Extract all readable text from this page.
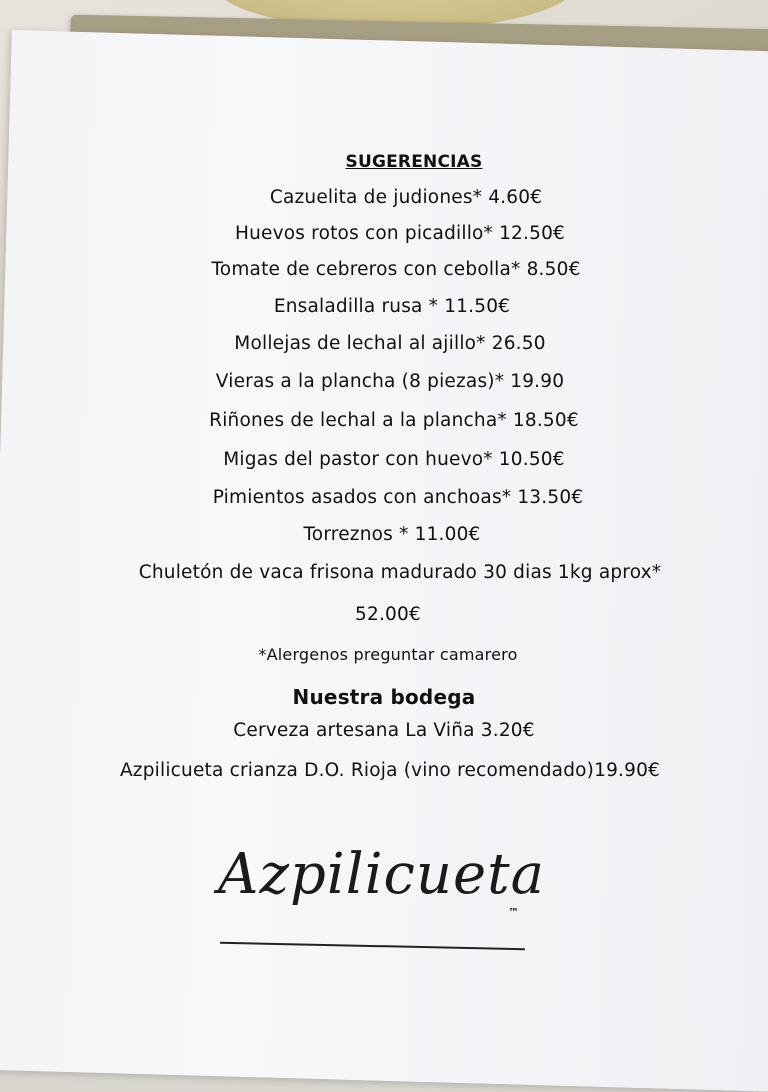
SUGERENCIAS
Cazuelita de judiones* 4.60€
Huevos rotos con picadillo* 12.50€
Tomate de cebreros con cebolla* 8.50€
Ensaladilla rusa * 11.50€
Mollejas de lechal al ajillo* 26.50
Vieras a la plancha (8 piezas)* 19.90
Riñones de lechal a la plancha* 18.50€
Migas del pastor con huevo* 10.50€
Pimientos asados con anchoas* 13.50€
Torreznos * 11.00€
Chuletón de vaca frisona madurado 30 dias 1kg aprox*
52.00€
*Alergenos preguntar camarero
Nuestra bodega
Cerveza artesana La Viña 3.20€
Azpilicueta crianza D.O. Rioja (vino recomendado)19.90€
Azpilicueta
™
